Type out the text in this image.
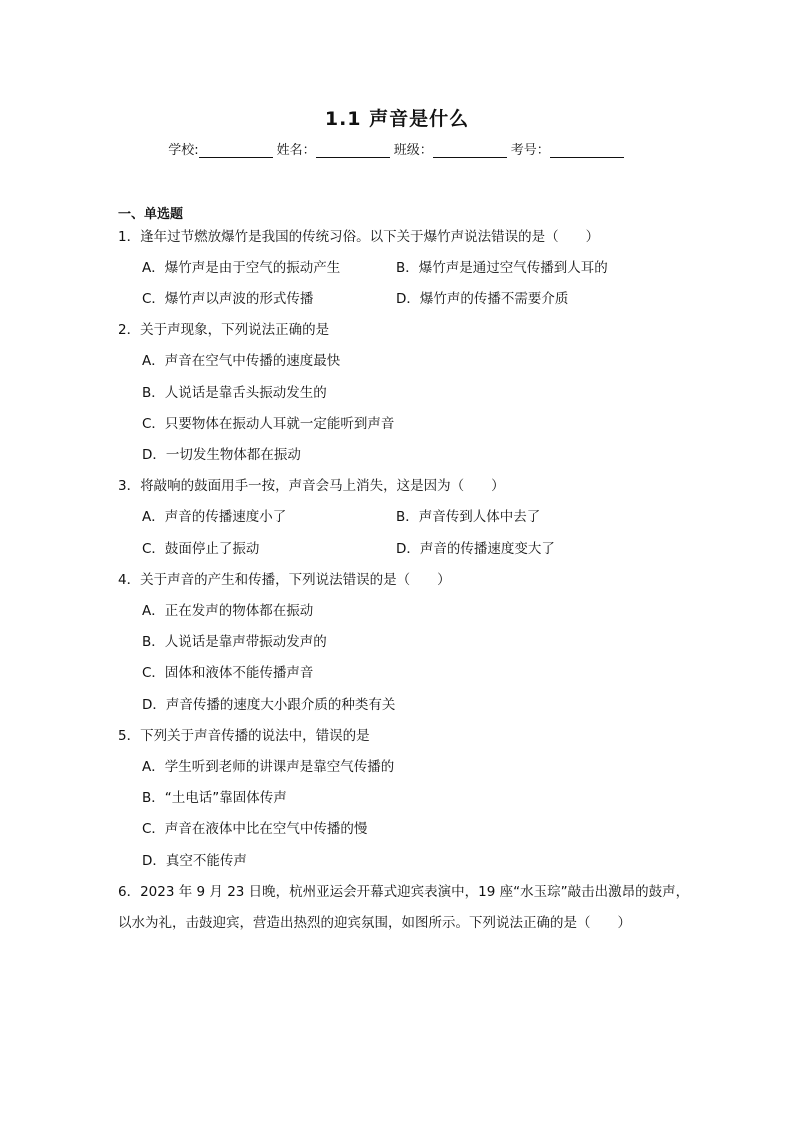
1.1 声音是什么
学校:	姓名：	班级：	考号：
一、单选题
1．逢年过节燃放爆竹是我国的传统习俗。以下关于爆竹声说法错误的是（　　）
A．爆竹声是由于空气的振动产生	B．爆竹声是通过空气传播到人耳的
C．爆竹声以声波的形式传播	D．爆竹声的传播不需要介质
2．关于声现象，下列说法正确的是
A．声音在空气中传播的速度最快
B．人说话是靠舌头振动发生的
C．只要物体在振动人耳就一定能听到声音
D．一切发生物体都在振动
3．将敲响的鼓面用手一按，声音会马上消失，这是因为（　　）
A．声音的传播速度小了	B．声音传到人体中去了
C．鼓面停止了振动	D．声音的传播速度变大了
4．关于声音的产生和传播，下列说法错误的是（　　）
A．正在发声的物体都在振动
B．人说话是靠声带振动发声的
C．固体和液体不能传播声音
D．声音传播的速度大小跟介质的种类有关
5．下列关于声音传播的说法中，错误的是
A．学生听到老师的讲课声是靠空气传播的
B．“土电话”靠固体传声
C．声音在液体中比在空气中传播的慢
D．真空不能传声
6．2023 年 9 月 23 日晚，杭州亚运会开幕式迎宾表演中，19 座“水玉琮”敲击出激昂的鼓声，
以水为礼，击鼓迎宾，营造出热烈的迎宾氛围，如图所示。下列说法正确的是（　　）
